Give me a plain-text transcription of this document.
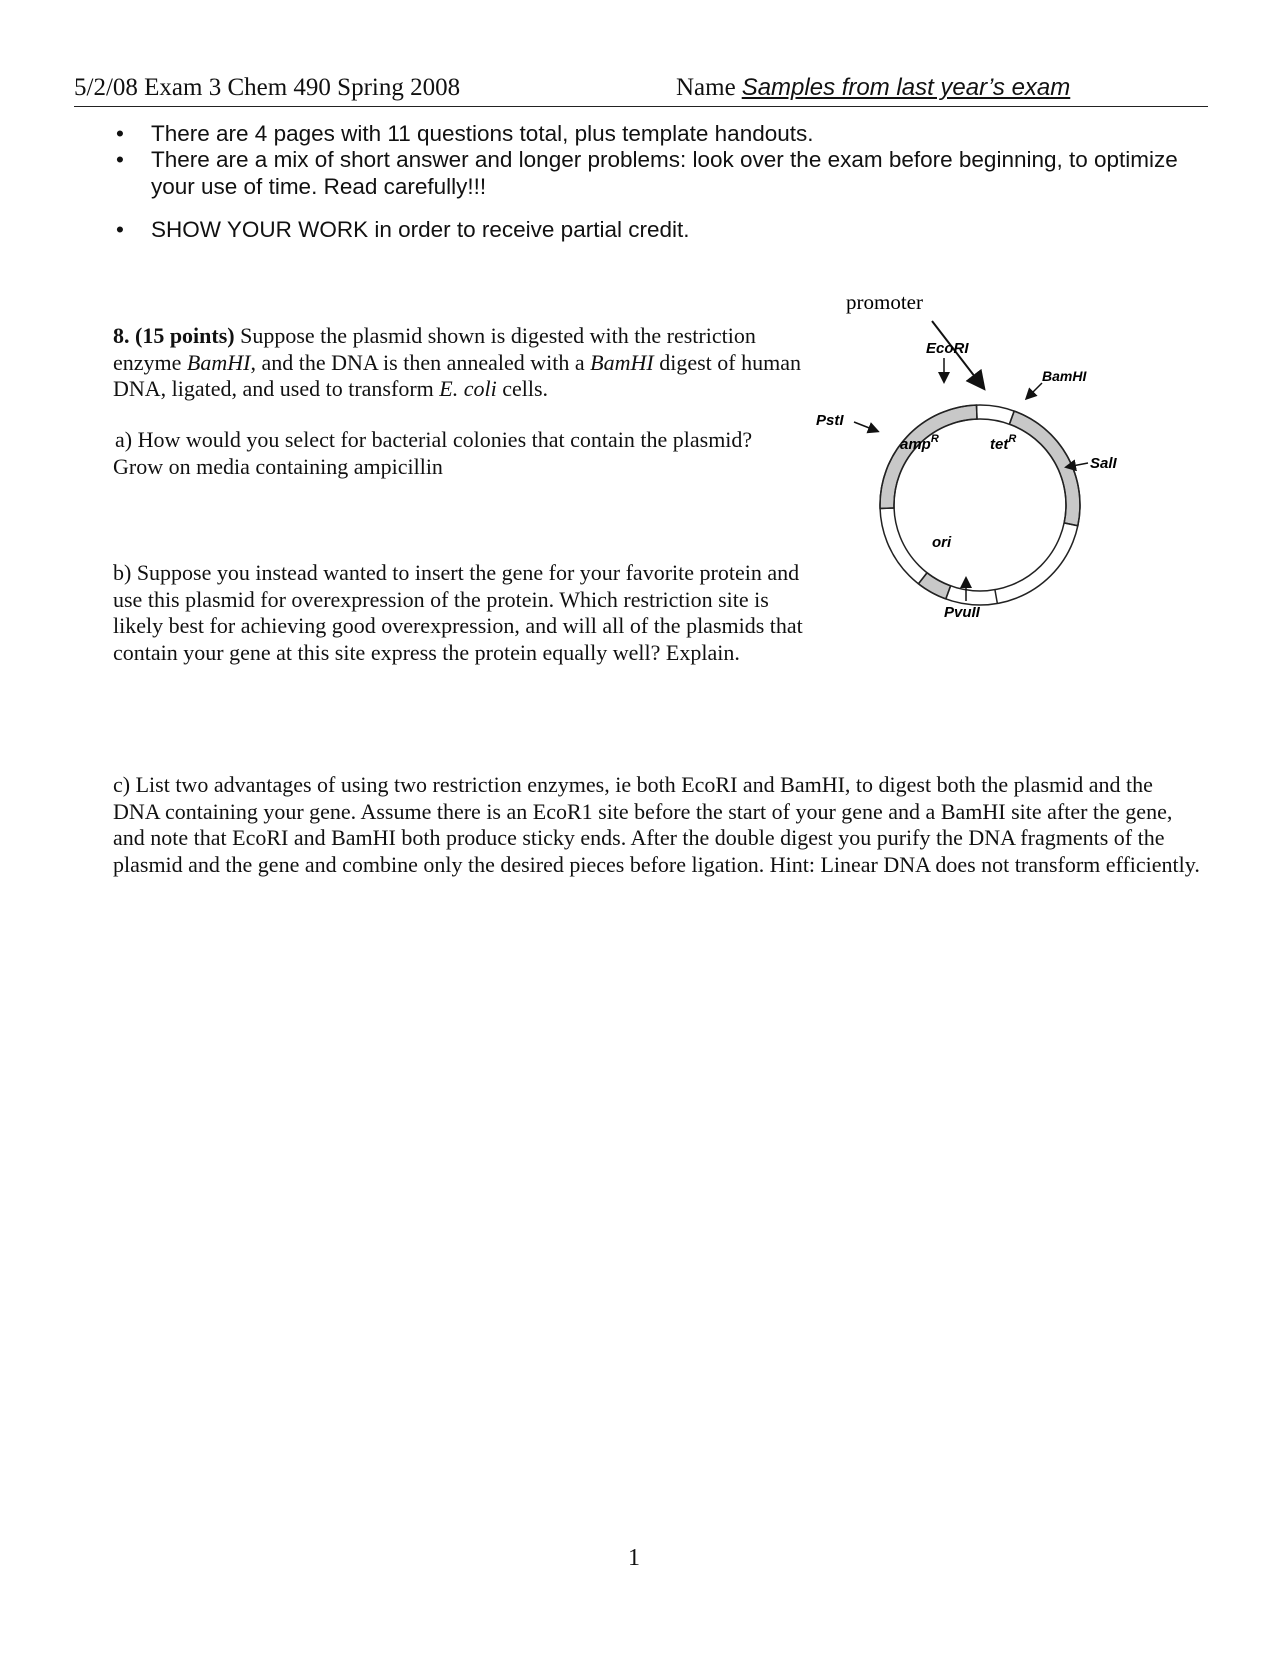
5/2/08 Exam 3 Chem 490 Spring 2008	Name Samples from last year’s exam
• There are 4 pages with 11 questions total, plus template handouts.
• There are a mix of short answer and longer problems: look over the exam before beginning, to optimize your use of time. Read carefully!!!
• SHOW YOUR WORK in order to receive partial credit.
8. (15 points) Suppose the plasmid shown is digested with the restriction enzyme BamHI, and the DNA is then annealed with a BamHI digest of human DNA, ligated, and used to transform E. coli cells.
a) How would you select for bacterial colonies that contain the plasmid?
Grow on media containing ampicillin
b) Suppose you instead wanted to insert the gene for your favorite protein and use this plasmid for overexpression of the protein. Which restriction site is likely best for achieving good overexpression, and will all of the plasmids that contain your gene at this site express the protein equally well? Explain.
c) List two advantages of using two restriction enzymes, ie both EcoRI and BamHI, to digest both the plasmid and the DNA containing your gene. Assume there is an EcoR1 site before the start of your gene and a BamHI site after the gene, and note that EcoRI and BamHI both produce sticky ends. After the double digest you purify the DNA fragments of the plasmid and the gene and combine only the desired pieces before ligation. Hint: Linear DNA does not transform efficiently.
promoter
EcoRI
BamHI
PstI
SalI
amp$^R$	tet$^R$
ori
PvuII
1
